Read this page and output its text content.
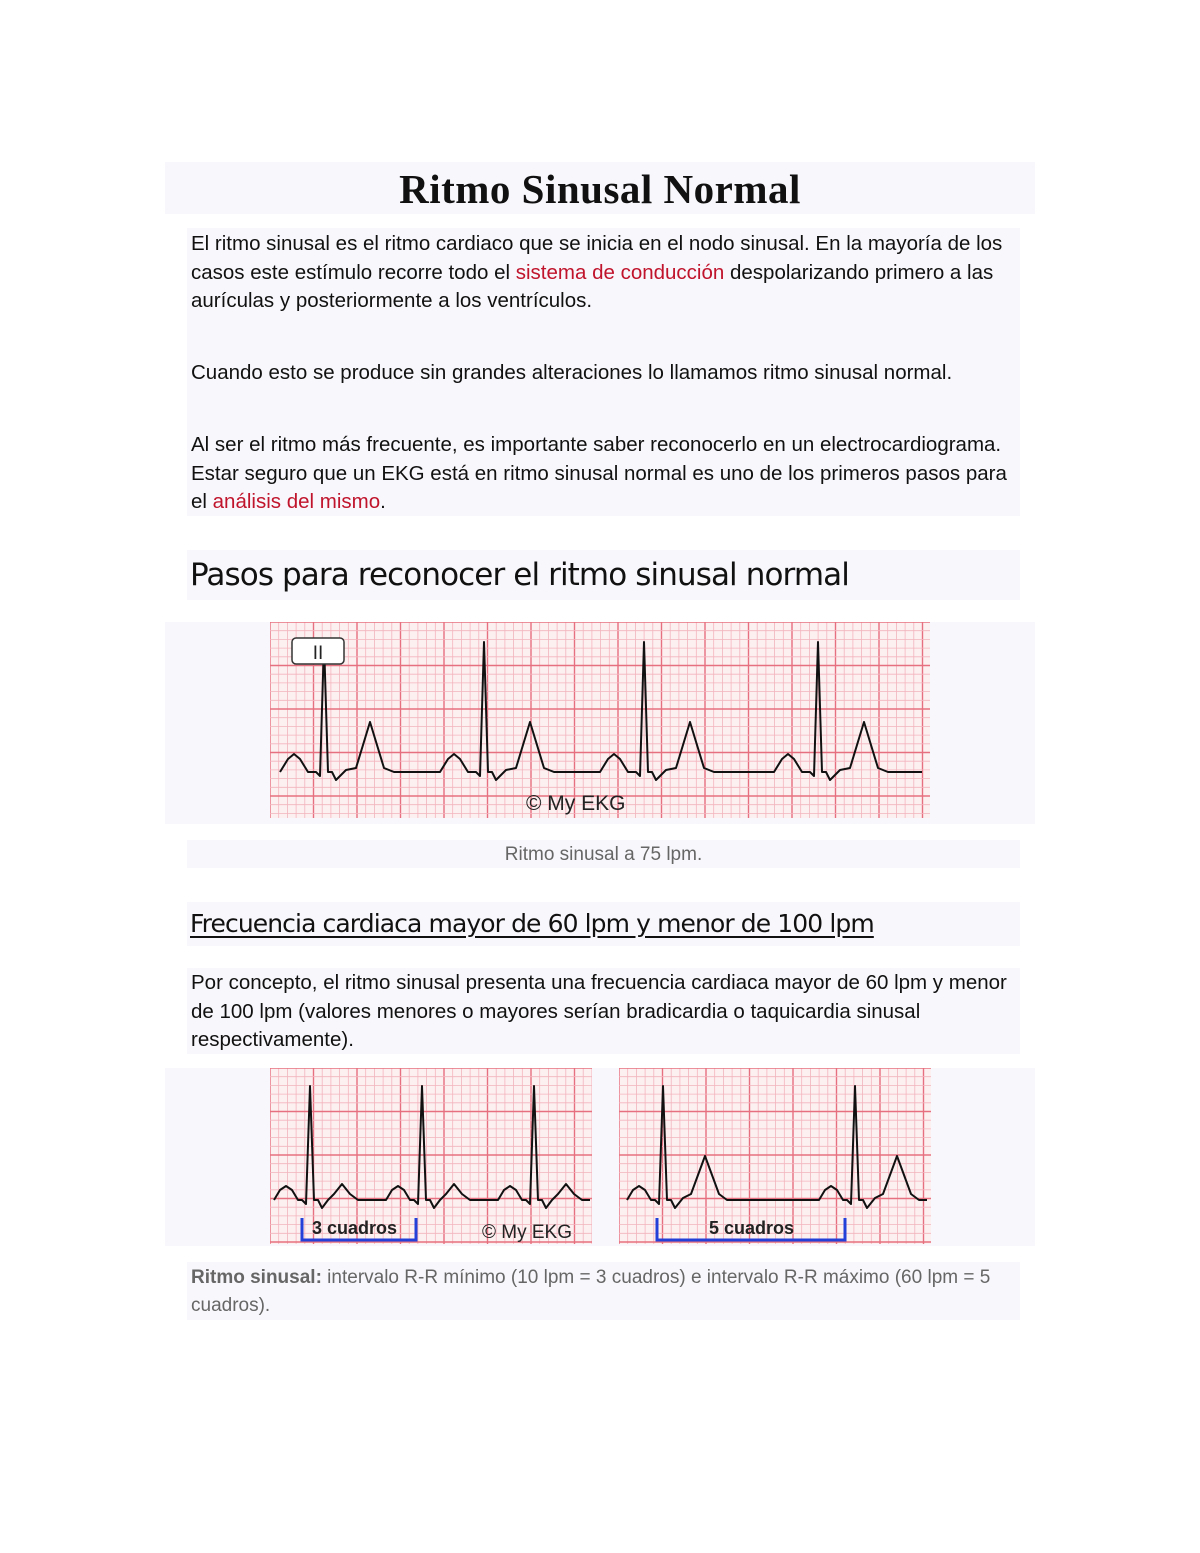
Ritmo Sinusal Normal

El ritmo sinusal es el ritmo cardiaco que se inicia en el nodo sinusal. En la mayoría de los casos este estímulo recorre todo el sistema de conducción despolarizando primero a las aurículas y posteriormente a los ventrículos.

Cuando esto se produce sin grandes alteraciones lo llamamos ritmo sinusal normal.

Al ser el ritmo más frecuente, es importante saber reconocerlo en un electrocardiograma. Estar seguro que un EKG está en ritmo sinusal normal es uno de los primeros pasos para el análisis del mismo.

Pasos para reconocer el ritmo sinusal normal
II
© My EKG

Ritmo sinusal a 75 lpm.

Frecuencia cardiaca mayor de 60 lpm y menor de 100 lpm

Por concepto, el ritmo sinusal presenta una frecuencia cardiaca mayor de 60 lpm y menor de 100 lpm (valores menores o mayores serían bradicardia o taquicardia sinusal respectivamente).

3 cuadros	© My EKG	5 cuadros

Ritmo sinusal: intervalo R-R mínimo (10 lpm = 3 cuadros) e intervalo R-R máximo (60 lpm = 5 cuadros).
